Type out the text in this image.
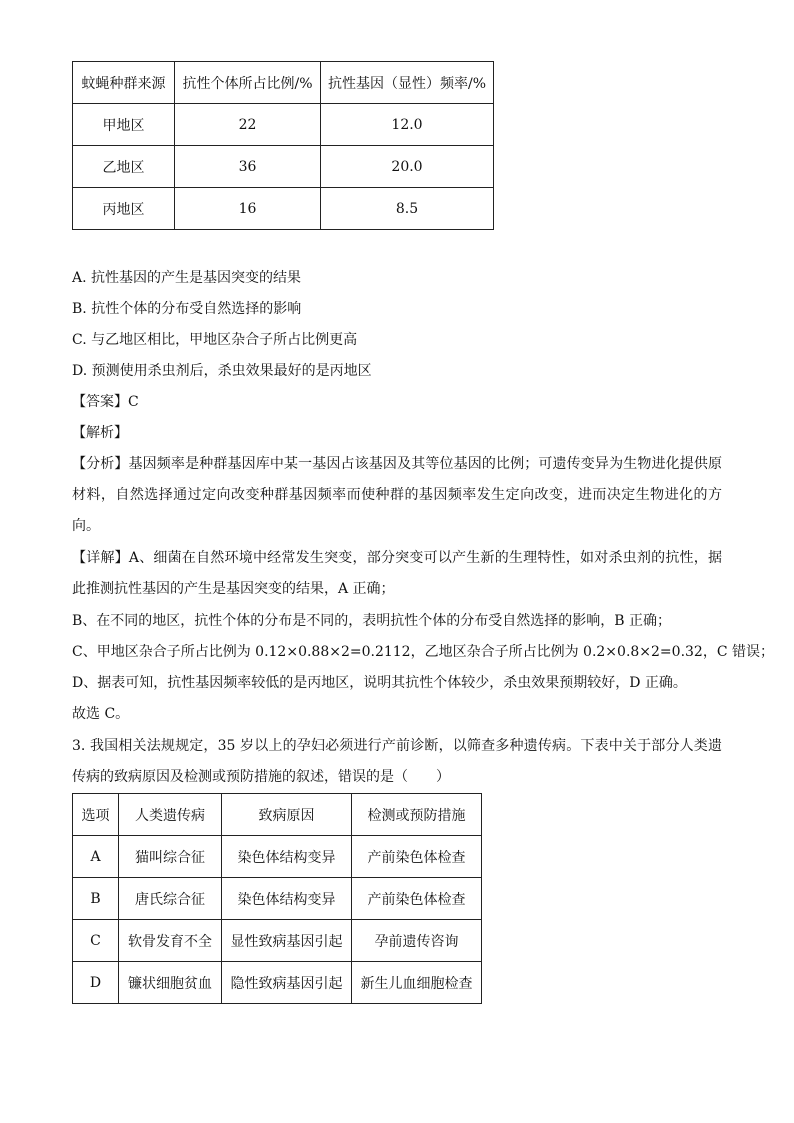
蚊蝇种群来源	抗性个体所占比例/%	抗性基因（显性）频率/%
甲地区	22	12.0
乙地区	36	20.0
丙地区	16	8.5

A. 抗性基因的产生是基因突变的结果

B. 抗性个体的分布受自然选择的影响

C. 与乙地区相比，甲地区杂合子所占比例更高

D. 预测使用杀虫剂后，杀虫效果最好的是丙地区

【答案】C

【解析】

【分析】基因频率是种群基因库中某一基因占该基因及其等位基因的比例；可遗传变异为生物进化提供原材料，自然选择通过定向改变种群基因频率而使种群的基因频率发生定向改变，进而决定生物进化的方向。

【详解】A、细菌在自然环境中经常发生突变，部分突变可以产生新的生理特性，如对杀虫剂的抗性，据此推测抗性基因的产生是基因突变的结果，A 正确；

B、在不同的地区，抗性个体的分布是不同的，表明抗性个体的分布受自然选择的影响，B 正确；

C、甲地区杂合子所占比例为 0.12×0.88×2=0.2112，乙地区杂合子所占比例为 0.2×0.8×2=0.32，C 错误；

D、据表可知，抗性基因频率较低的是丙地区，说明其抗性个体较少，杀虫效果预期较好，D 正确。

故选 C。

3. 我国相关法规规定，35 岁以上的孕妇必须进行产前诊断，以筛查多种遗传病。下表中关于部分人类遗传病的致病原因及检测或预防措施的叙述，错误的是（　　）

选项	人类遗传病	致病原因	检测或预防措施
A	猫叫综合征	染色体结构变异	产前染色体检查
B	唐氏综合征	染色体结构变异	产前染色体检查
C	软骨发育不全	显性致病基因引起	孕前遗传咨询
D	镰状细胞贫血	隐性致病基因引起	新生儿血细胞检查
